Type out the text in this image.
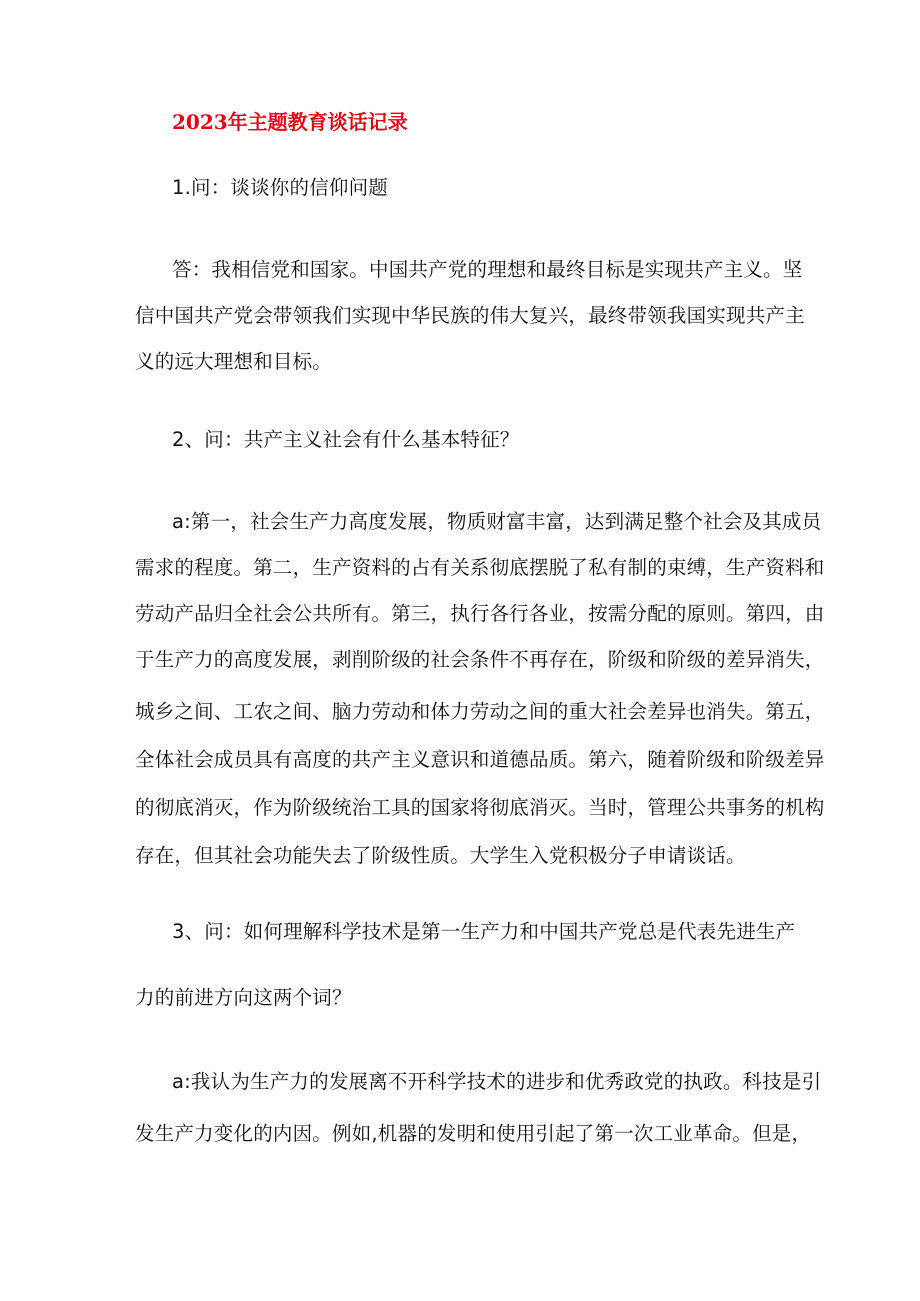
2023年主题教育谈话记录
1.问：谈谈你的信仰问题
答：我相信党和国家。中国共产党的理想和最终目标是实现共产主义。坚
信中国共产党会带领我们实现中华民族的伟大复兴，最终带领我国实现共产主
义的远大理想和目标。
2、问：共产主义社会有什么基本特征？
a:第一，社会生产力高度发展，物质财富丰富，达到满足整个社会及其成员
需求的程度。第二，生产资料的占有关系彻底摆脱了私有制的束缚，生产资料和
劳动产品归全社会公共所有。第三，执行各行各业，按需分配的原则。第四，由
于生产力的高度发展，剥削阶级的社会条件不再存在，阶级和阶级的差异消失，
城乡之间、工农之间、脑力劳动和体力劳动之间的重大社会差异也消失。第五，
全体社会成员具有高度的共产主义意识和道德品质。第六，随着阶级和阶级差异
的彻底消灭，作为阶级统治工具的国家将彻底消灭。当时，管理公共事务的机构
存在，但其社会功能失去了阶级性质。大学生入党积极分子申请谈话。
3、问：如何理解科学技术是第一生产力和中国共产党总是代表先进生产
力的前进方向这两个词？
a:我认为生产力的发展离不开科学技术的进步和优秀政党的执政。科技是引
发生产力变化的内因。例如,机器的发明和使用引起了第一次工业革命。但是，
